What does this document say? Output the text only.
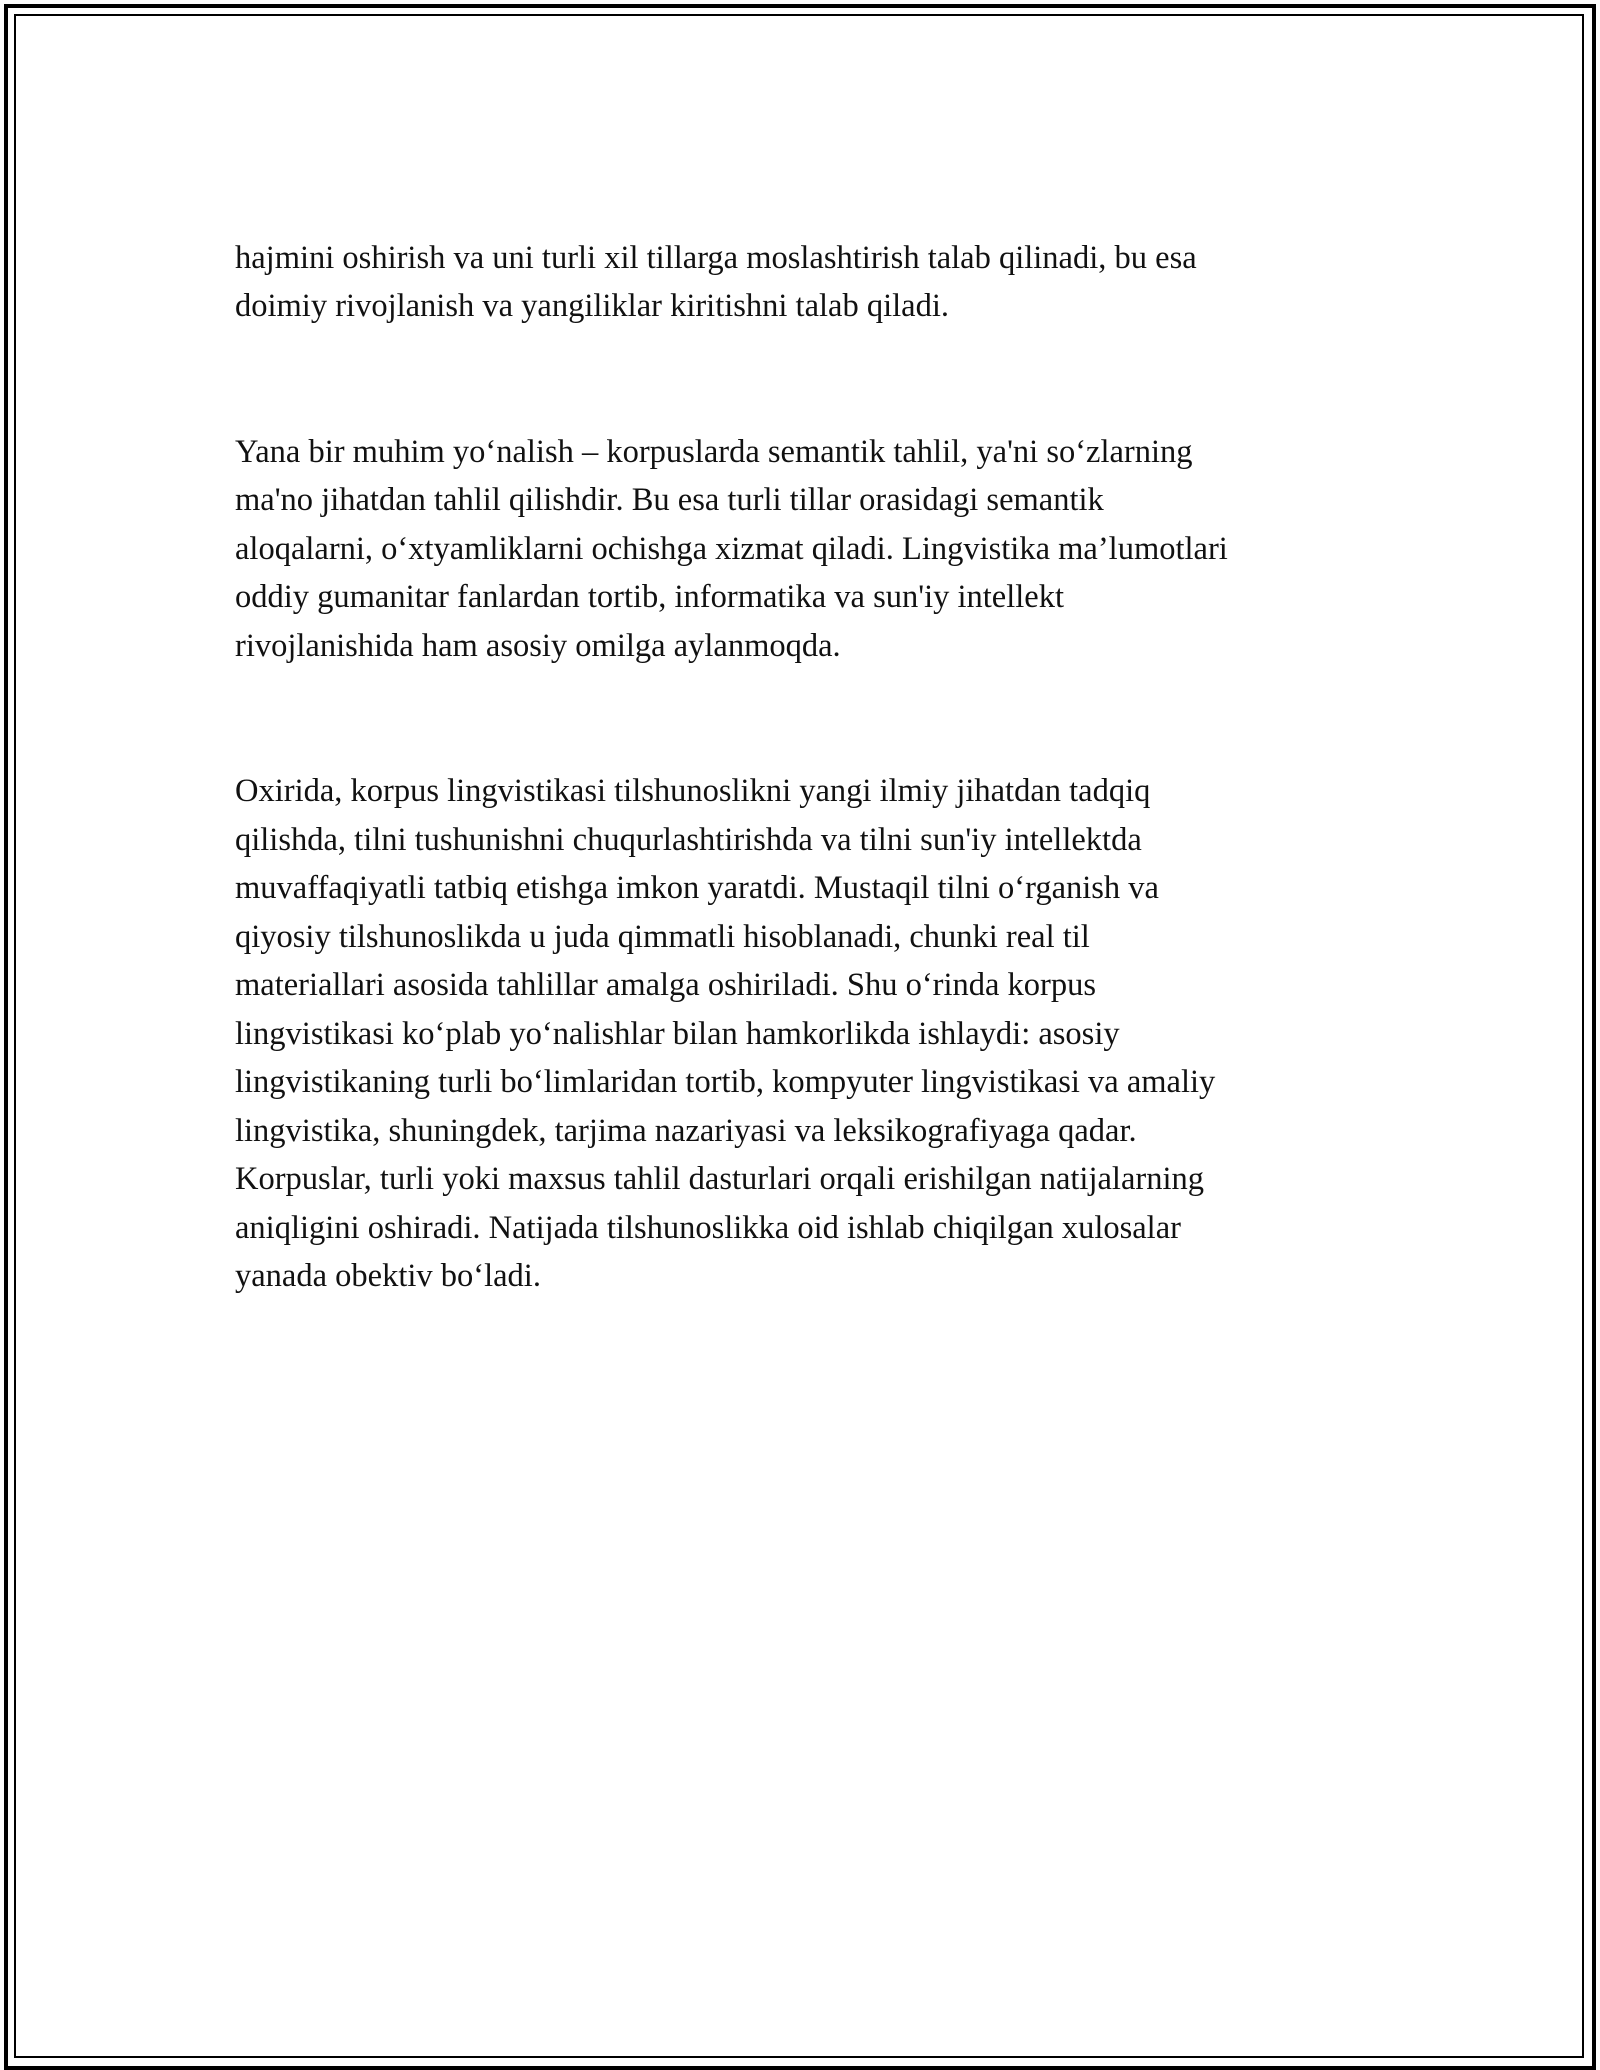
hajmini oshirish va uni turli xil tillarga moslashtirish talab qilinadi, bu esa
doimiy rivojlanish va yangiliklar kiritishni talab qiladi.

Yana bir muhim yo‘nalish – korpuslarda semantik tahlil, ya'ni so‘zlarning
ma'no jihatdan tahlil qilishdir. Bu esa turli tillar orasidagi semantik
aloqalarni, o‘xtyamliklarni ochishga xizmat qiladi. Lingvistika ma’lumotlari
oddiy gumanitar fanlardan tortib, informatika va sun'iy intellekt
rivojlanishida ham asosiy omilga aylanmoqda.

Oxirida, korpus lingvistikasi tilshunoslikni yangi ilmiy jihatdan tadqiq
qilishda, tilni tushunishni chuqurlashtirishda va tilni sun'iy intellektda
muvaffaqiyatli tatbiq etishga imkon yaratdi. Mustaqil tilni o‘rganish va
qiyosiy tilshunoslikda u juda qimmatli hisoblanadi, chunki real til
materiallari asosida tahlillar amalga oshiriladi. Shu o‘rinda korpus
lingvistikasi ko‘plab yo‘nalishlar bilan hamkorlikda ishlaydi: asosiy
lingvistikaning turli bo‘limlaridan tortib, kompyuter lingvistikasi va amaliy
lingvistika, shuningdek, tarjima nazariyasi va leksikografiyaga qadar.
Korpuslar, turli yoki maxsus tahlil dasturlari orqali erishilgan natijalarning
aniqligini oshiradi. Natijada tilshunoslikka oid ishlab chiqilgan xulosalar
yanada obektiv bo‘ladi.
